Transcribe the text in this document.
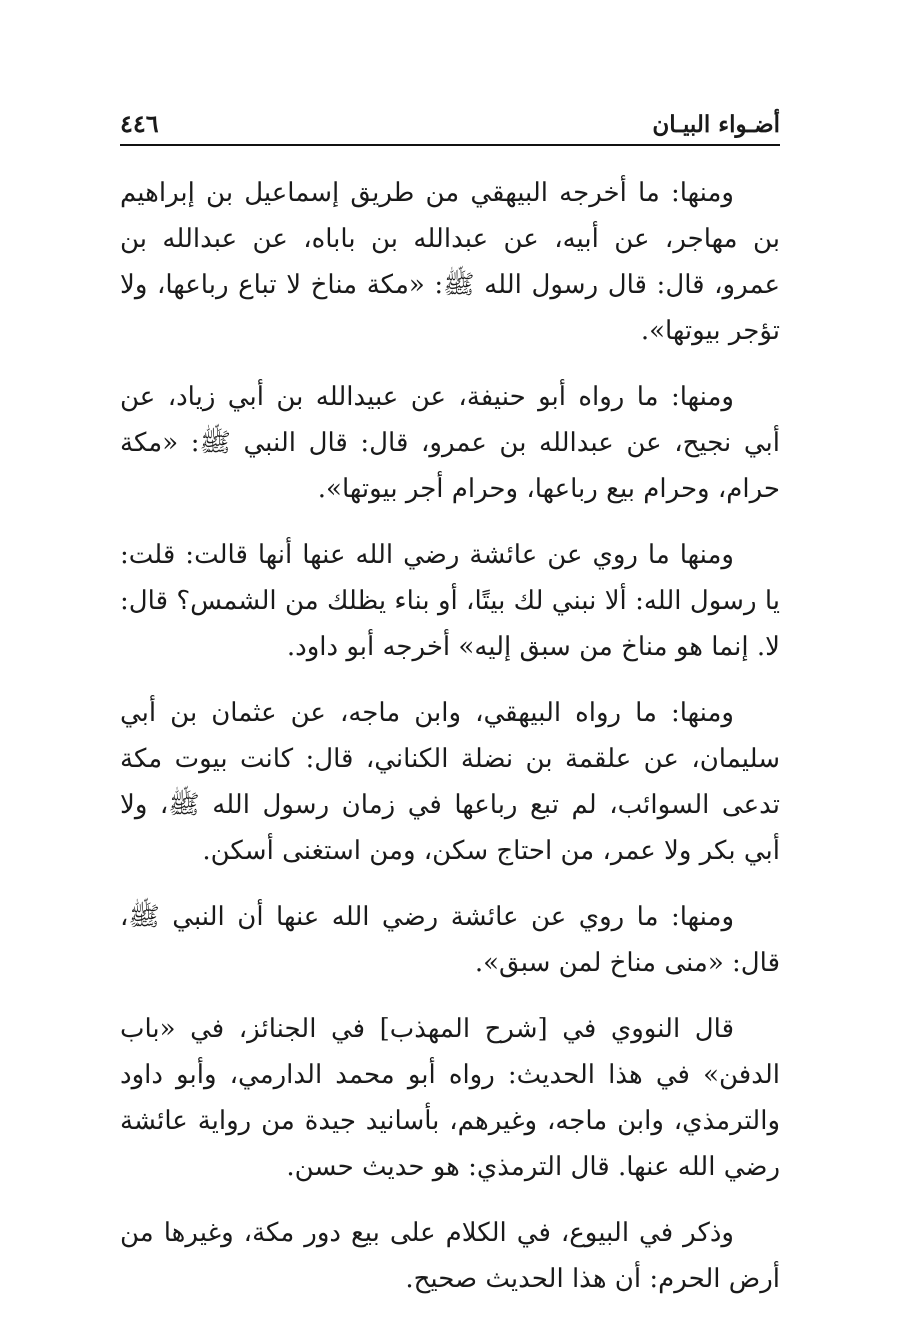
أضـواء البيـان
٤٤٦

ومنها: ما أخرجه البيهقي من طريق إسماعيل بن إبراهيم بن مهاجر، عن أبيه، عن عبدالله بن باباه، عن عبدالله بن عمرو، قال: قال رسول الله ﷺ: «مكة مناخ لا تباع رباعها، ولا تؤجر بيوتها».

ومنها: ما رواه أبو حنيفة، عن عبيدالله بن أبي زياد، عن أبي نجيح، عن عبدالله بن عمرو، قال: قال النبي ﷺ: «مكة حرام، وحرام بيع رباعها، وحرام أجر بيوتها».

ومنها ما روي عن عائشة رضي الله عنها أنها قالت: قلت: يا رسول الله: ألا نبني لك بيتًا، أو بناء يظلك من الشمس؟ قال: لا. إنما هو مناخ من سبق إليه» أخرجه أبو داود.

ومنها: ما رواه البيهقي، وابن ماجه، عن عثمان بن أبي سليمان، عن علقمة بن نضلة الكناني، قال: كانت بيوت مكة تدعى السوائب، لم تبع رباعها في زمان رسول الله ﷺ، ولا أبي بكر ولا عمر، من احتاج سكن، ومن استغنى أسكن.

ومنها: ما روي عن عائشة رضي الله عنها أن النبي ﷺ، قال: «منى مناخ لمن سبق».

قال النووي في [شرح المهذب] في الجنائز، في «باب الدفن» في هذا الحديث: رواه أبو محمد الدارمي، وأبو داود والترمذي، وابن ماجه، وغيرهم، بأسانيد جيدة من رواية عائشة رضي الله عنها. قال الترمذي: هو حديث حسن.

وذكر في البيوع، في الكلام على بيع دور مكة، وغيرها من أرض الحرم: أن هذا الحديث صحيح.
